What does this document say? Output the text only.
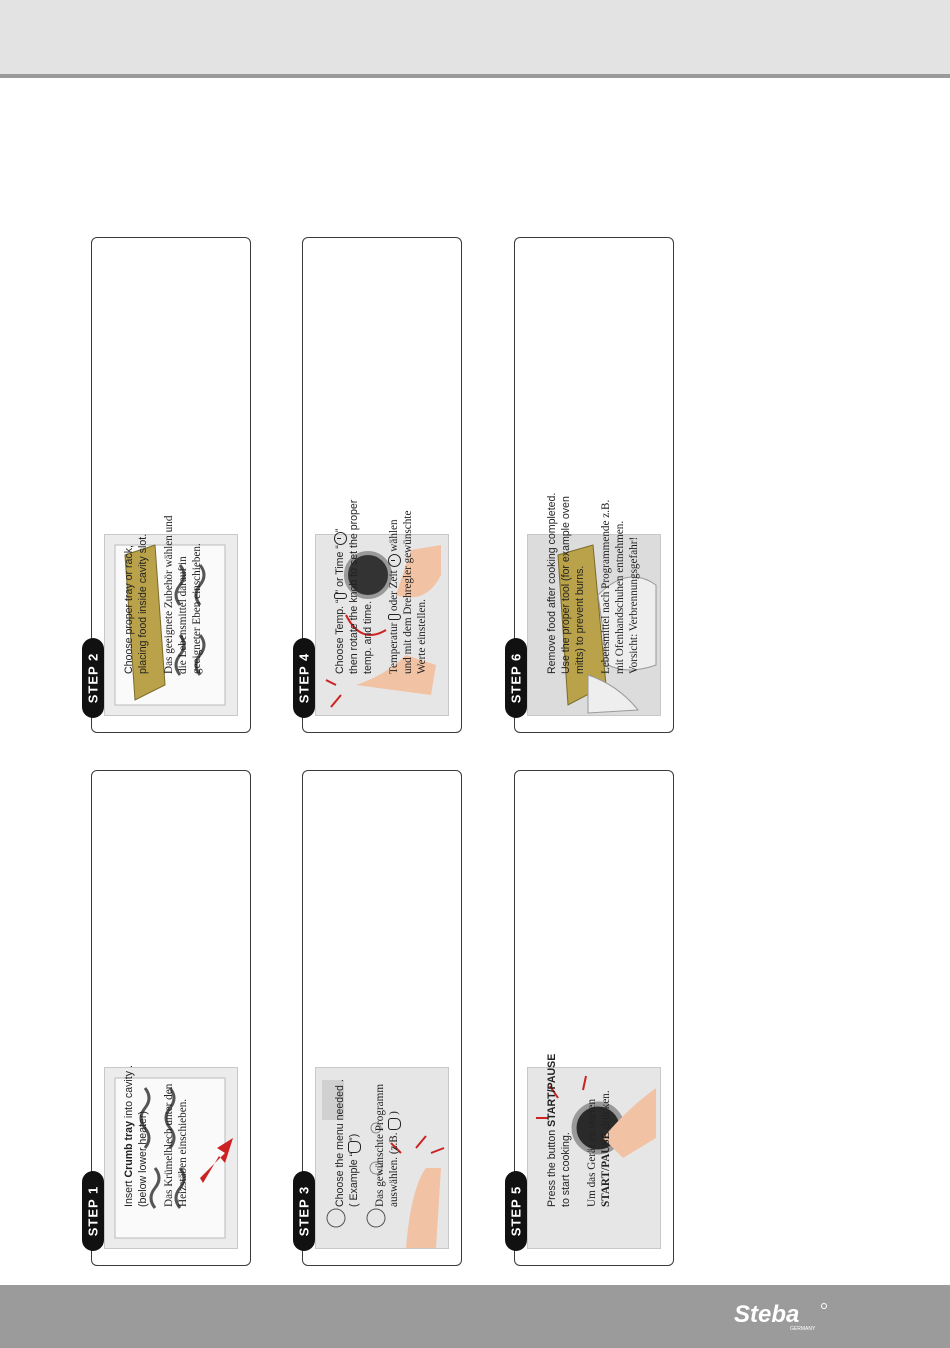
STEP 1 Insert Crumb tray into cavity .
(below lower heater) Das Krümelblech unter den Heizstäben einschieben.

STEP 2

Choose proper tray or rack, placing food inside cavity slot. Das geeignete Zubehör wählen und die Lebensmittel darauf in geeigneter Eben einschieben.

STEP 3

Choose the menu needed . ( Example “”) Das gewünschte Programm auswählen. (z.B.  )

STEP 4

Choose Temp. “” or Time “” then rotate the knob to set the proper temp. and time. Temperatur  oder Zeit  wählen und mit dem Drehregler gewünschte Werte einstellen.

STEP 5

Press the button START/PAUSE
to start cooking. Um das Gerät zu starten START/PAUSE drücken.

STEP 6

Remove food after cooking completed. Use the proper tool (for example oven mitts) to prevent burns. Lebensmittel nach Programmende z.B. mit Ofenhandschuhen entnehmen. Vorsicht: Verbrennungsgefahr!

Steba
GERMANY
